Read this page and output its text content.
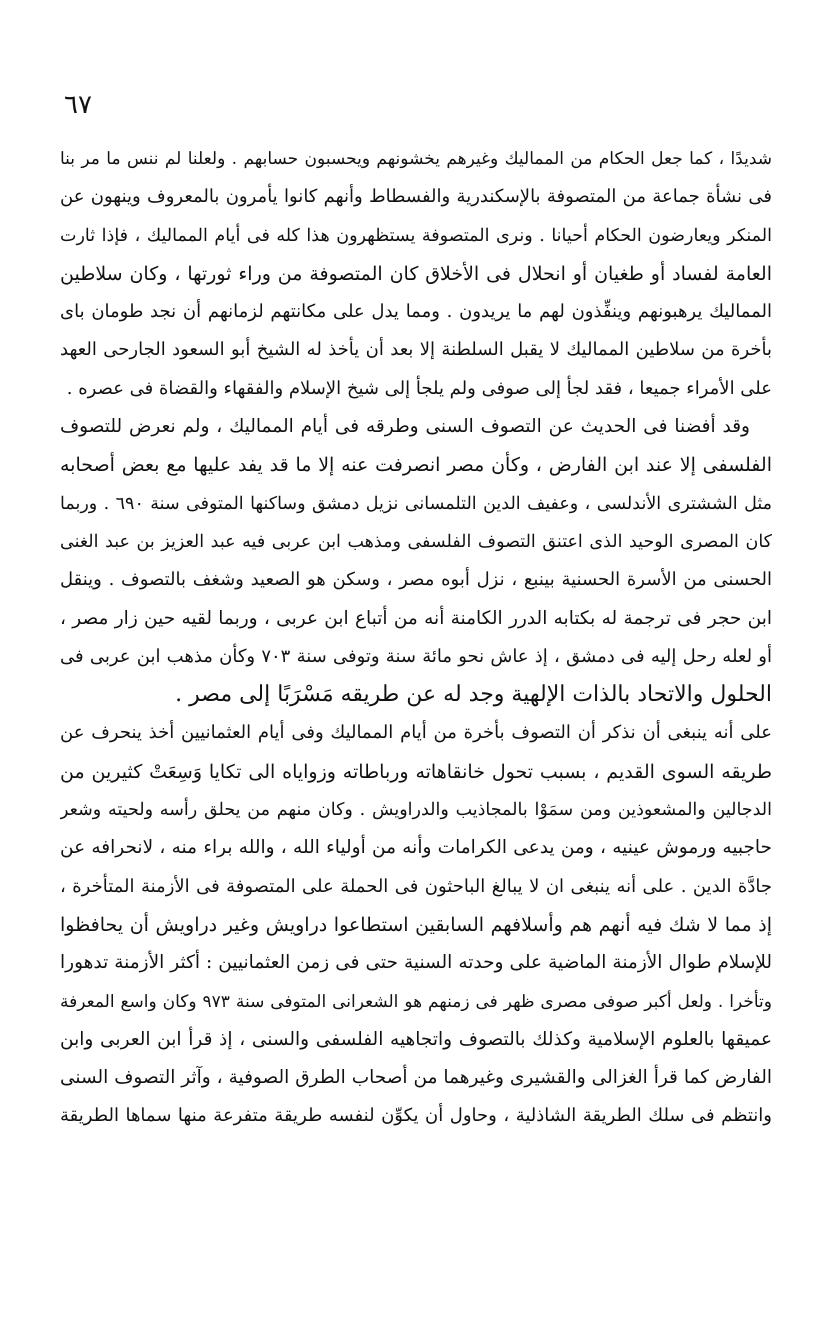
٦٧
شديدًا ، كما جعل الحكام من المماليك وغيرهم يخشونهم ويحسبون حسابهم . ولعلنا لم ننس ما مر بنا
فى نشأة جماعة من المتصوفة بالإسكندرية والفسطاط وأنهم كانوا يأمرون بالمعروف وينهون عن
المنكر ويعارضون الحكام أحيانا . ونرى المتصوفة يستظهرون هذا كله فى أيام المماليك ، فإذا ثارت
العامة لفساد أو طغيان أو انحلال فى الأخلاق كان المتصوفة من وراء ثورتها ، وكان سلاطين
المماليك يرهبونهم وينفِّذون لهم ما يريدون . ومما يدل على مكانتهم لزمانهم أن نجد طومان باى
بأخرة من سلاطين المماليك لا يقبل السلطنة إلا بعد أن يأخذ له الشيخ أبو السعود الجارحى العهد
على الأمراء جميعا ، فقد لجأ إلى صوفى ولم يلجأ إلى شيخ الإسلام والفقهاء والقضاة فى عصره .
وقد أفضنا فى الحديث عن التصوف السنى وطرقه فى أيام المماليك ، ولم نعرض للتصوف
الفلسفى إلا عند ابن الفارض ، وكأن مصر انصرفت عنه إلا ما قد يفد عليها مع بعض أصحابه
مثل الششترى الأندلسى ، وعفيف الدين التلمسانى نزيل دمشق وساكنها المتوفى سنة ٦٩٠ . وربما
كان المصرى الوحيد الذى اعتنق التصوف الفلسفى ومذهب ابن عربى فيه عبد العزيز بن عبد الغنى
الحسنى من الأسرة الحسنية بينبع ، نزل أبوه مصر ، وسكن هو الصعيد وشغف بالتصوف . وينقل
ابن حجر فى ترجمة له بكتابه الدرر الكامنة أنه من أتباع ابن عربى ، وربما لقيه حين زار مصر ،
أو لعله رحل إليه فى دمشق ، إذ عاش نحو مائة سنة وتوفى سنة ٧٠٣ وكأن مذهب ابن عربى فى
الحلول والاتحاد بالذات الإلهية وجد له عن طريقه مَسْرَبًا إلى مصر .
على أنه ينبغى أن نذكر أن التصوف بأخرة من أيام المماليك وفى أيام العثمانيين أخذ ينحرف عن
طريقه السوى القديم ، بسبب تحول خانقاهاته ورباطاته وزواياه الى تكايا وَسِعَتْ كثيرين من
الدجالين والمشعوذين ومن سمَوْا بالمجاذيب والدراويش . وكان منهم من يحلق رأسه ولحيته وشعر
حاجبيه ورموش عينيه ، ومن يدعى الكرامات وأنه من أولياء الله ، والله براء منه ، لانحرافه عن
جادَّة الدين . على أنه ينبغى ان لا يبالغ الباحثون فى الحملة على المتصوفة فى الأزمنة المتأخرة ،
إذ مما لا شك فيه أنهم هم وأسلافهم السابقين استطاعوا دراويش وغير دراويش أن يحافظوا
للإسلام طوال الأزمنة الماضية على وحدته السنية حتى فى زمن العثمانيين : أكثر الأزمنة تدهورا
وتأخرا . ولعل أكبر صوفى مصرى ظهر فى زمنهم هو الشعرانى المتوفى سنة ٩٧٣ وكان واسع المعرفة
عميقها بالعلوم الإسلامية وكذلك بالتصوف واتجاهيه الفلسفى والسنى ، إذ قرأ ابن العربى وابن
الفارض كما قرأ الغزالى والقشيرى وغيرهما من أصحاب الطرق الصوفية ، وآثر التصوف السنى
وانتظم فى سلك الطريقة الشاذلية ، وحاول أن يكوِّن لنفسه طريقة متفرعة منها سماها الطريقة
